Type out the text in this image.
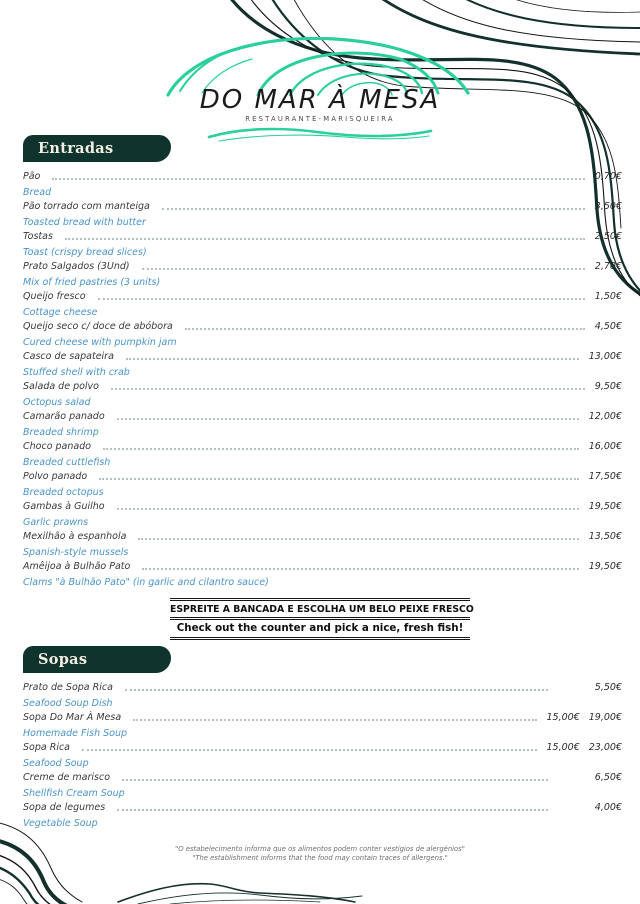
DO MAR À MESA
RESTAURANTE-MARISQUEIRA
Entradas
Sopas
Pão	0,70€
Bread
Pão torrado com manteiga	3,50€
Toasted bread with butter
Tostas	2,50€
Toast (crispy bread slices)
Prato Salgados (3Und)	2,70€
Mix of fried pastries (3 units)
Queijo fresco	1,50€
Cottage cheese
Queijo seco c/ doce de abóbora	4,50€
Cured cheese with pumpkin jam
Casco de sapateira	13,00€
Stuffed shell with crab
Salada de polvo	9,50€
Octopus salad
Camarão panado	12,00€
Breaded shrimp
Choco panado	16,00€
Breaded cuttlefish
Polvo panado	17,50€
Breaded octopus
Gambas à Guilho	19,50€
Garlic prawns
Mexilhão à espanhola	13,50€
Spanish-style mussels
Amêijoa à Bulhão Pato	19,50€
Clams "à Bulhão Pato" (in garlic and cilantro sauce)
Prato de Sopa Rica	5,50€
Seafood Soup Dish
Sopa Do Mar À Mesa	15,00€ 19,00€
Homemade Fish Soup
Sopa Rica	15,00€ 23,00€
Seafood Soup
Creme de marisco	6,50€
Shellfish Cream Soup
Sopa de legumes	4,00€
Vegetable Soup
ESPREITE A BANCADA E ESCOLHA UM BELO PEIXE FRESCO
Check out the counter and pick a nice, fresh fish!
"O estabelecimento informa que os alimentos podem conter vestígios de alergénios"
"The establishment informs that the food may contain traces of allergens."
